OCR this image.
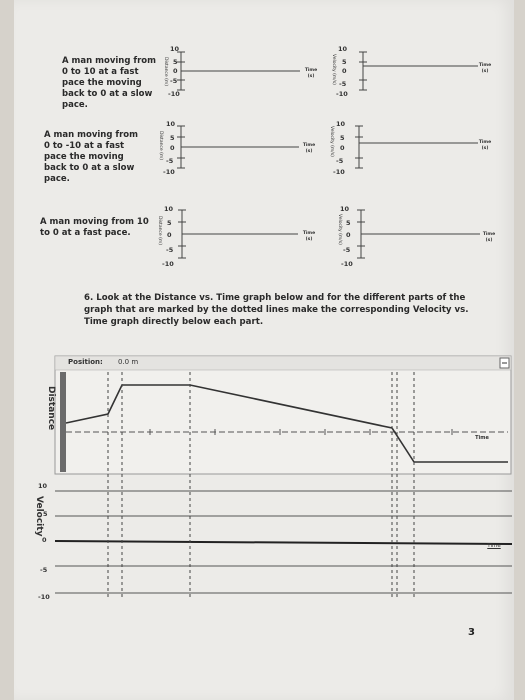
A man moving from 0 to 10 at a fast pace the moving back to 0 at a slow pace.
A man moving from 0 to -10 at a fast pace the moving back to 0 at a slow pace.
A man moving from 10 to 0 at a fast pace.
10
5
0
-5
-10
Distance (m)	Time
(s)
10
5
0
-5
-10
Velocity (m/s)	Time
(s)
10
5
0
-5
-10
Distance (m)	Time
(s)
10
5
0
-5
-10
Velocity (m/s)	Time
(s)
10
5
0
-5
-10
Distance (m)	Time
(s)
10
5
0
-5
-10
Velocity (m/s)	Time
(s)
6. Look at the Distance vs. Time graph below and for the different parts of the graph that are marked by the dotted lines make the corresponding Velocity vs. Time graph directly below each part.
Position: 0.0 m
Distance
Time
Velocity
10
5
0
-5
-10
Time
3
